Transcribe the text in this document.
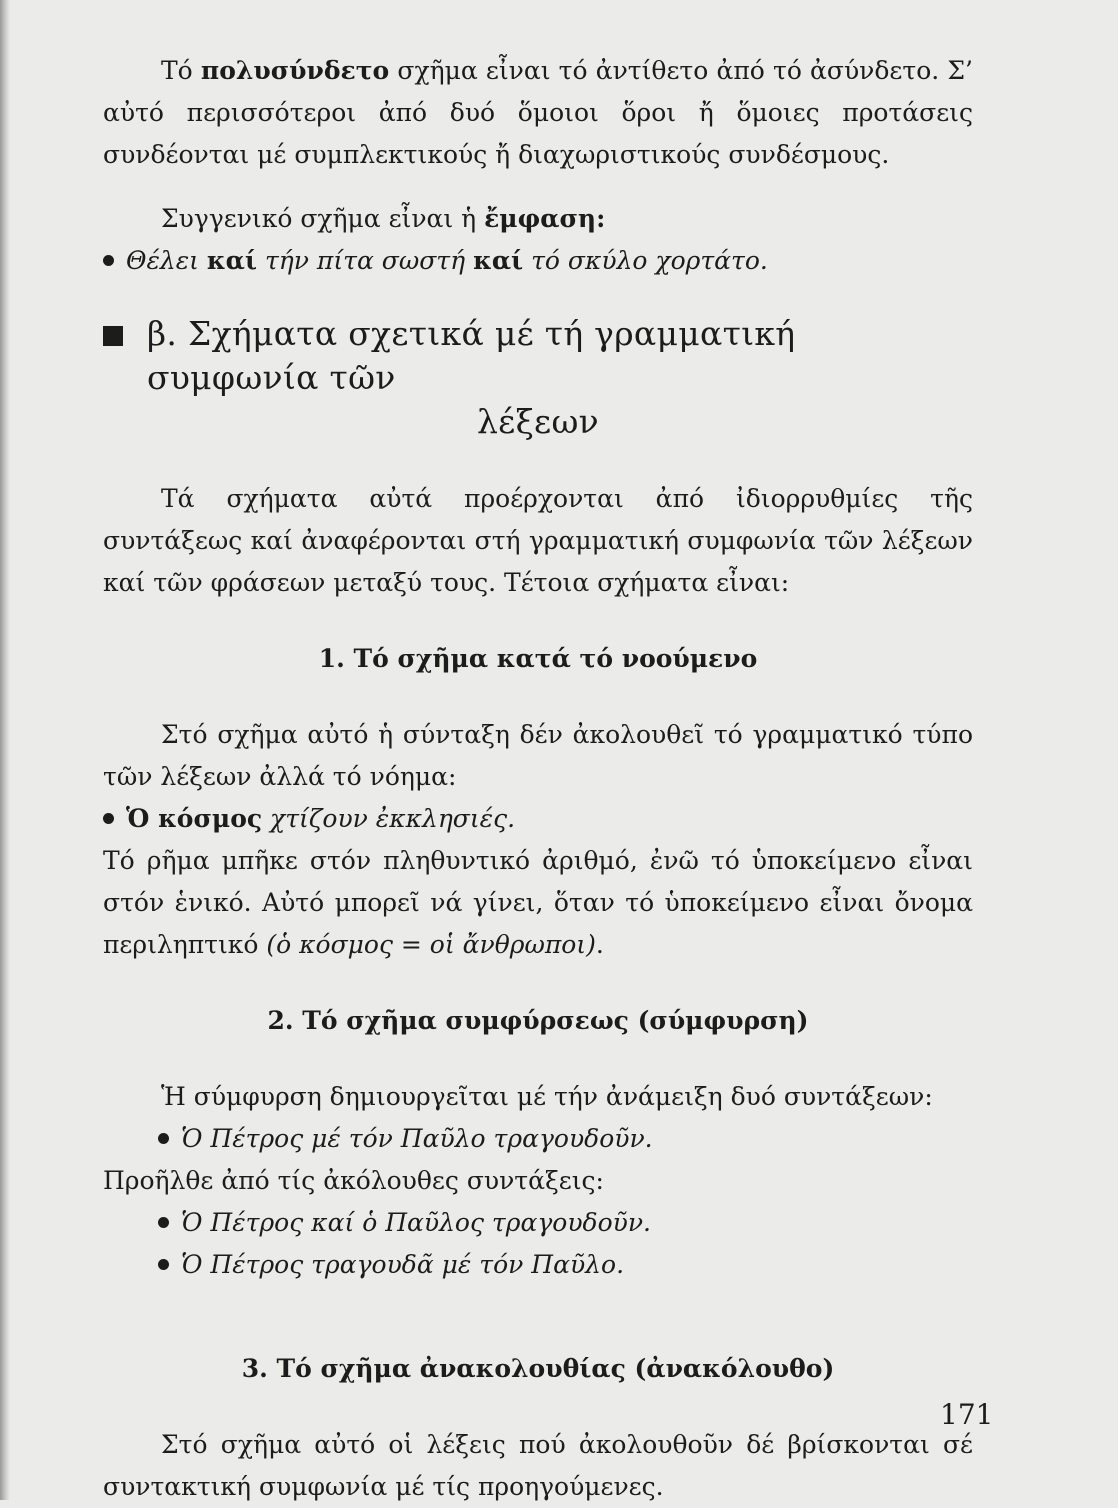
Τό πολυσύνδετο σχῆμα εἶναι τό ἀντίθετο ἀπό τό ἀσύνδετο. Σ’ αὐτό περισσότεροι ἀπό δυό ὅμοιοι ὅροι ἤ ὅμοιες προτάσεις συνδέονται μέ συμπλεκτικούς ἤ διαχωριστικούς συνδέσμους.

Συγγενικό σχῆμα εἶναι ἡ ἔμφαση:

Θέλει καί τήν πίτα σωστή καί τό σκύλο χορτάτο.
β. Σχήματα σχετικά μέ τή γραμματική συμφωνία τῶν
λέξεων

Τά σχήματα αὐτά προέρχονται ἀπό ἰδιορρυθμίες τῆς συντάξεως καί ἀναφέρονται στή γραμματική συμφωνία τῶν λέξεων καί τῶν φράσεων μεταξύ τους. Τέτοια σχήματα εἶναι:

1. Τό σχῆμα κατά τό νοούμενο

Στό σχῆμα αὐτό ἡ σύνταξη δέν ἀκολουθεῖ τό γραμματικό τύπο τῶν λέξεων ἀλλά τό νόημα:

Ὁ κόσμος χτίζουν ἐκκλησιές.

Τό ρῆμα μπῆκε στόν πληθυντικό ἀριθμό, ἐνῶ τό ὑποκείμενο εἶναι στόν ἑνικό. Αὐτό μπορεῖ νά γίνει, ὅταν τό ὑποκείμενο εἶναι ὄνομα περιληπτικό (ὁ κόσμος = οἱ ἄνθρωποι).

2. Τό σχῆμα συμφύρσεως (σύμφυρση)

Ἡ σύμφυρση δημιουργεῖται μέ τήν ἀνάμειξη δυό συντάξεων:

Ὁ Πέτρος μέ τόν Παῦλο τραγουδοῦν.

Προῆλθε ἀπό τίς ἀκόλουθες συντάξεις:

Ὁ Πέτρος καί ὁ Παῦλος τραγουδοῦν.
Ὁ Πέτρος τραγουδᾶ μέ τόν Παῦλο.
3. Τό σχῆμα ἀνακολουθίας (ἀνακόλουθο)

Στό σχῆμα αὐτό οἱ λέξεις πού ἀκολουθοῦν δέ βρίσκονται σέ συντακτική συμφωνία μέ τίς προηγούμενες.

171
